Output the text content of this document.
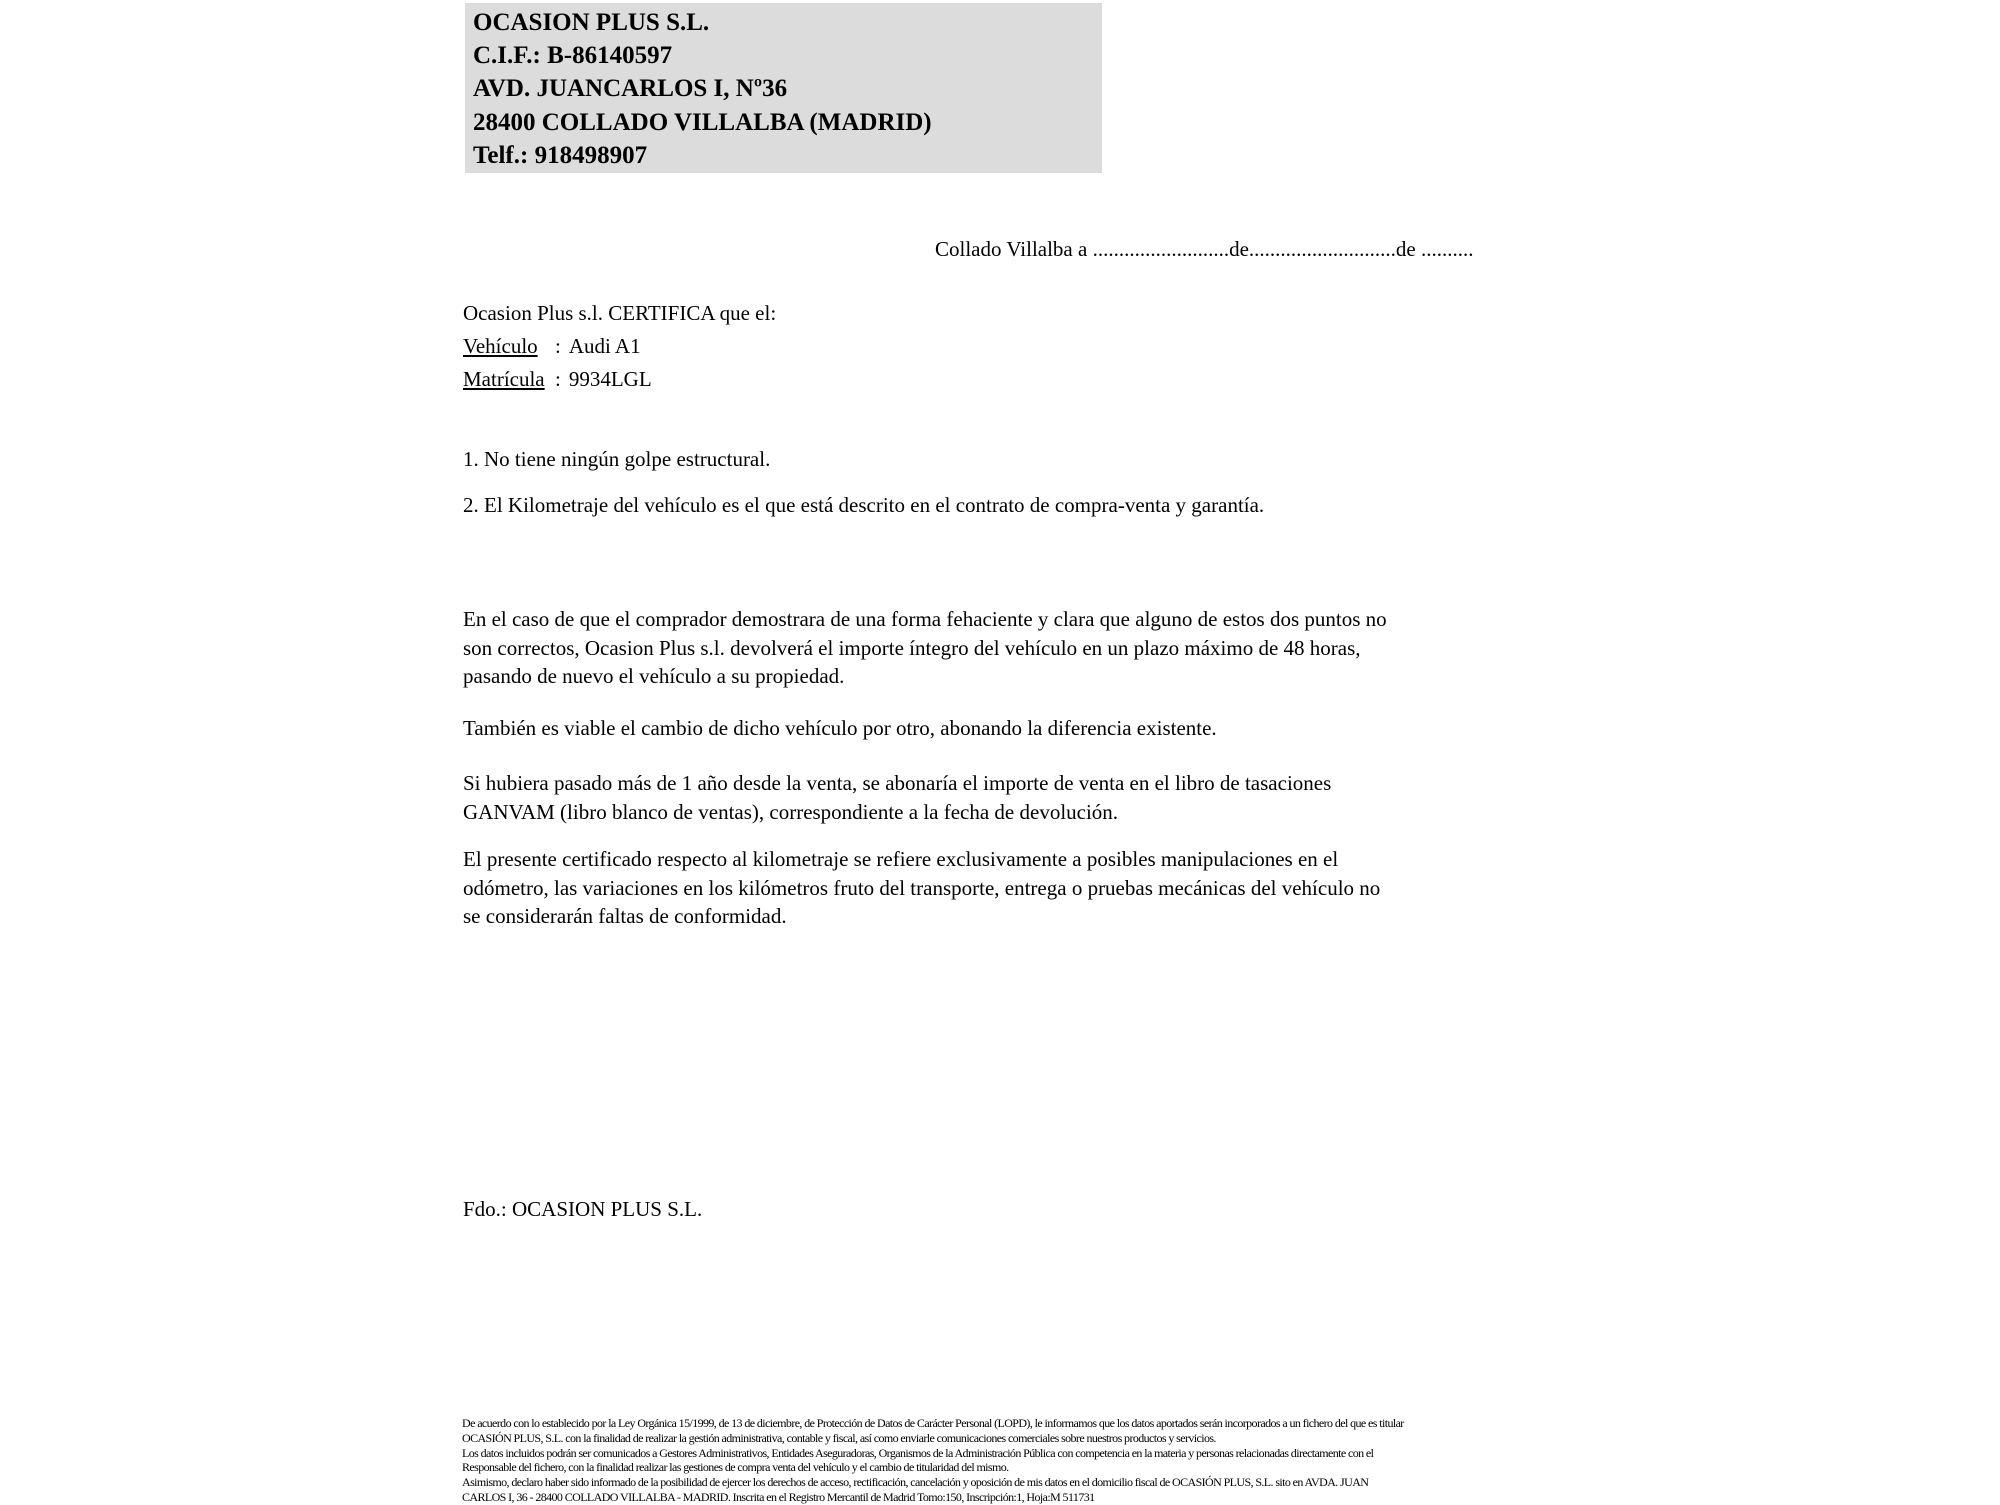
OCASION PLUS S.L.
C.I.F.: B-86140597
AVD. JUANCARLOS I, Nº36
28400 COLLADO VILLALBA (MADRID)
Telf.: 918498907
Collado Villalba a ..........................de............................de ..........
Ocasion Plus s.l. CERTIFICA que el:
Vehículo : Audi A1
Matrícula : 9934LGL
1. No tiene ningún golpe estructural.
2. El Kilometraje del vehículo es el que está descrito en el contrato de compra-venta y garantía.
En el caso de que el comprador demostrara de una forma fehaciente y clara que alguno de estos dos puntos no
son correctos, Ocasion Plus s.l. devolverá el importe íntegro del vehículo en un plazo máximo de 48 horas,
pasando de nuevo el vehículo a su propiedad.
También es viable el cambio de dicho vehículo por otro, abonando la diferencia existente.
Si hubiera pasado más de 1 año desde la venta, se abonaría el importe de venta en el libro de tasaciones
GANVAM (libro blanco de ventas), correspondiente a la fecha de devolución.
El presente certificado respecto al kilometraje se refiere exclusivamente a posibles manipulaciones en el
odómetro, las variaciones en los kilómetros fruto del transporte, entrega o pruebas mecánicas del vehículo no
se considerarán faltas de conformidad.
Fdo.: OCASION PLUS S.L.
De acuerdo con lo establecido por la Ley Orgánica 15/1999, de 13 de diciembre, de Protección de Datos de Carácter Personal (LOPD), le informamos que los datos aportados serán incorporados a un fichero del que es titular
OCASIÓN PLUS, S.L. con la finalidad de realizar la gestión administrativa, contable y fiscal, así como enviarle comunicaciones comerciales sobre nuestros productos y servicios.
Los datos incluidos podrán ser comunicados a Gestores Administrativos, Entidades Aseguradoras, Organismos de la Administración Pública con competencia en la materia y personas relacionadas directamente con el
Responsable del fichero, con la finalidad realizar las gestiones de compra venta del vehículo y el cambio de titularidad del mismo.
Asimismo, declaro haber sido informado de la posibilidad de ejercer los derechos de acceso, rectificación, cancelación y oposición de mis datos en el domicilio fiscal de OCASIÓN PLUS, S.L. sito en AVDA. JUAN
CARLOS I, 36 - 28400 COLLADO VILLALBA - MADRID. Inscrita en el Registro Mercantil de Madrid Tomo:150, Inscripción:1, Hoja:M 511731
